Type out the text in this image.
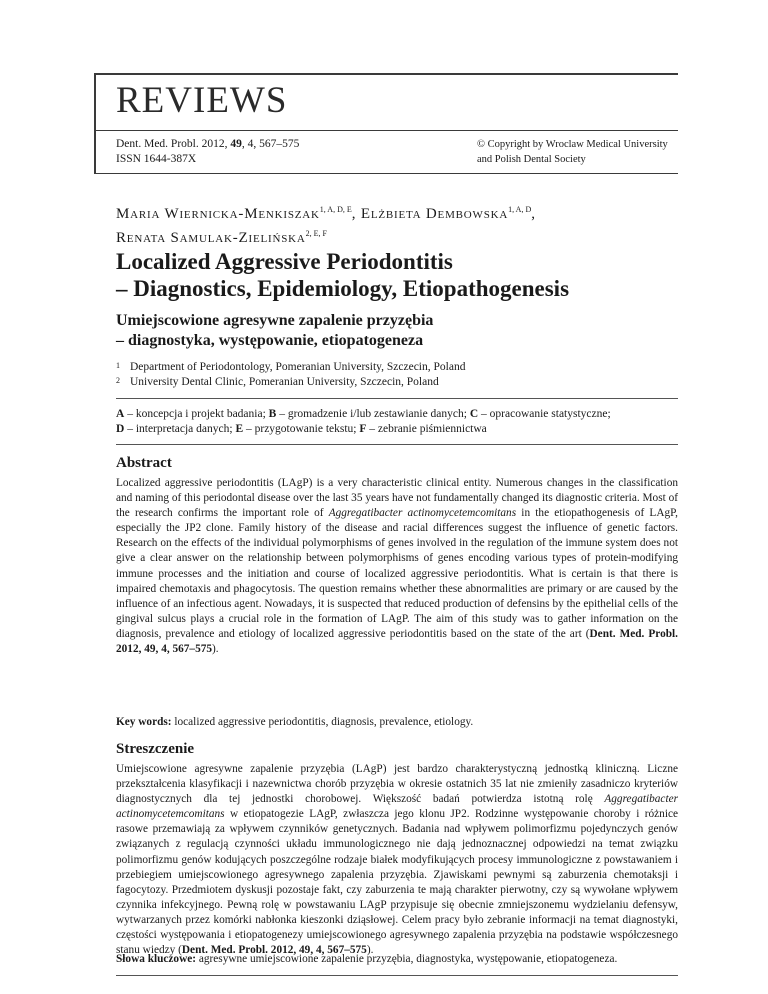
REVIEWS
Dent. Med. Probl. 2012, 49, 4, 567–575
ISSN 1644-387X
© Copyright by Wroclaw Medical University
and Polish Dental Society
Maria Wiernicka-Menkiszak$^{1, A, D, E}$, Elżbieta Dembowska$^{1, A, D}$,
Renata Samulak-Zielińska$^{2, E, F}$
Localized Aggressive Periodontitis
– Diagnostics, Epidemiology, Etiopathogenesis
Umiejscowione agresywne zapalenie przyzębia
– diagnostyka, występowanie, etiopatogeneza
1 Department of Periodontology, Pomeranian University, Szczecin, Poland
2 University Dental Clinic, Pomeranian University, Szczecin, Poland
A – koncepcja i projekt badania; B – gromadzenie i/lub zestawianie danych; C – opracowanie statystyczne;
D – interpretacja danych; E – przygotowanie tekstu; F – zebranie piśmiennictwa
Abstract
Localized aggressive periodontitis (LAgP) is a very characteristic clinical entity. Numerous changes in the classification and naming of this periodontal disease over the last 35 years have not fundamentally changed its diagnostic criteria. Most of the research confirms the important role of Aggregatibacter actinomycetemcomitans in the etiopathogenesis of LAgP, especially the JP2 clone. Family history of the disease and racial differences suggest the influence of genetic factors. Research on the effects of the individual polymorphisms of genes involved in the regulation of the immune system does not give a clear answer on the relationship between polymorphisms of genes encoding various types of protein-modifying immune processes and the initiation and course of localized aggressive periodontitis. What is certain is that there is impaired chemotaxis and phagocytosis. The question remains whether these abnormalities are primary or are caused by the influence of an infectious agent. Nowadays, it is suspected that reduced production of defensins by the epithelial cells of the gingival sulcus plays a crucial role in the formation of LAgP. The aim of this study was to gather information on the diagnosis, prevalence and etiology of localized aggressive periodontitis based on the state of the art (Dent. Med. Probl. 2012, 49, 4, 567–575).
Key words: localized aggressive periodontitis, diagnosis, prevalence, etiology.
Streszczenie
Umiejscowione agresywne zapalenie przyzębia (LAgP) jest bardzo charakterystyczną jednostką kliniczną. Liczne przekształcenia klasyfikacji i nazewnictwa chorób przyzębia w okresie ostatnich 35 lat nie zmieniły zasadniczo kryteriów diagnostycznych dla tej jednostki chorobowej. Większość badań potwierdza istotną rolę Aggregatibacter actinomycetemcomitans w etiopatogezie LAgP, zwłaszcza jego klonu JP2. Rodzinne występowanie choroby i różnice rasowe przemawiają za wpływem czynników genetycznych. Badania nad wpływem polimorfizmu pojedynczych genów związanych z regulacją czynności układu immunologicznego nie dają jednoznacznej odpowiedzi na temat związku polimorfizmu genów kodujących poszczególne rodzaje białek modyfikujących procesy immunologiczne z powstawaniem i przebiegiem umiejscowionego agresywnego zapalenia przyzębia. Zjawiskami pewnymi są zaburzenia chemotaksji i fagocytozy. Przedmiotem dyskusji pozostaje fakt, czy zaburzenia te mają charakter pierwotny, czy są wywołane wpływem czynnika infekcyjnego. Pewną rolę w powstawaniu LAgP przypisuje się obecnie zmniejszonemu wydzielaniu defensyw, wytwarzanych przez komórki nabłonka kieszonki dziąsłowej. Celem pracy było zebranie informacji na temat diagnostyki, częstości występowania i etiopatogenezy umiejscowionego agresywnego zapalenia przyzębia na podstawie współczesnego stanu wiedzy (Dent. Med. Probl. 2012, 49, 4, 567–575).
Słowa kluczowe: agresywne umiejscowione zapalenie przyzębia, diagnostyka, występowanie, etiopatogeneza.
